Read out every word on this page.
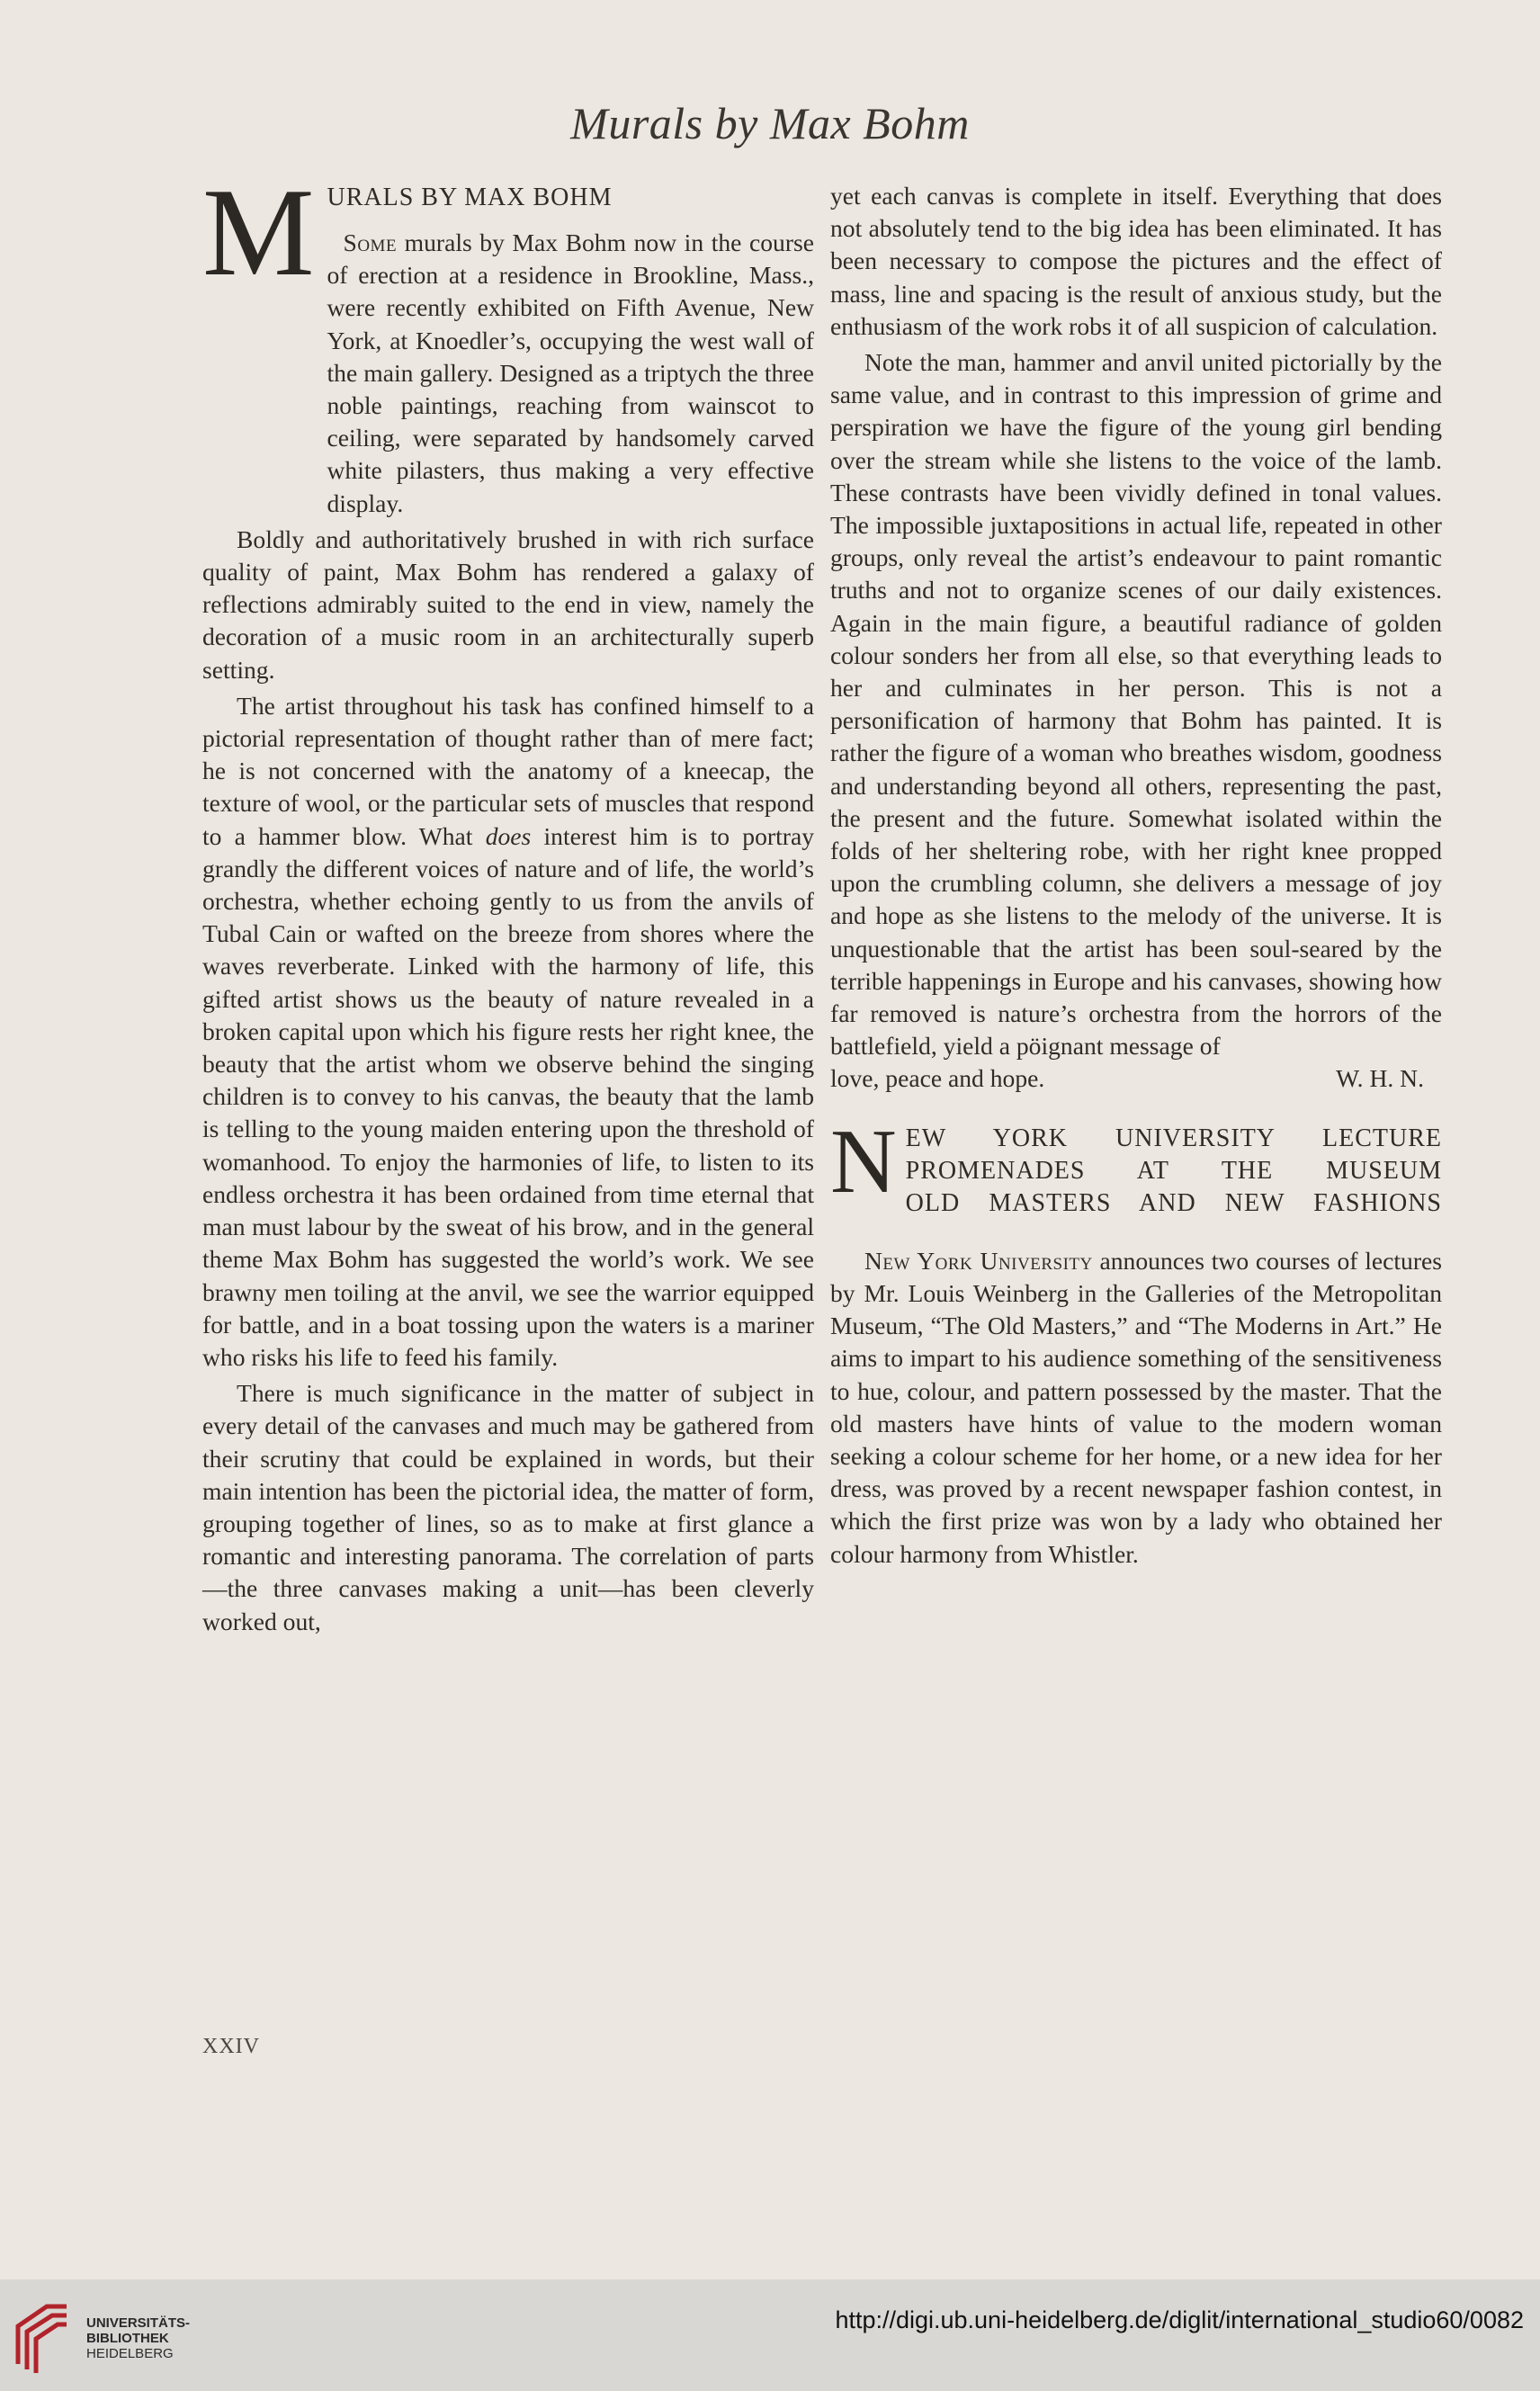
Murals by Max Bohm
M URALS BY MAX BOHM

Some murals by Max Bohm now in the course of erection at a residence in Brookline, Mass., were recently exhibited on Fifth Avenue, New York, at Knoedler’s, occupying the west wall of the main gallery. Designed as a triptych the three noble paintings, reaching from wainscot to ceiling, were separated by handsomely carved white pilasters, thus making a very effective display.

Boldly and authoritatively brushed in with rich surface quality of paint, Max Bohm has rendered a galaxy of reflections admirably suited to the end in view, namely the decoration of a music room in an architecturally superb setting.

The artist throughout his task has confined himself to a pictorial representation of thought rather than of mere fact; he is not concerned with the anatomy of a kneecap, the texture of wool, or the particular sets of muscles that respond to a hammer blow. What does interest him is to portray grandly the different voices of nature and of life, the world’s orchestra, whether echoing gently to us from the anvils of Tubal Cain or wafted on the breeze from shores where the waves reverberate. Linked with the harmony of life, this gifted artist shows us the beauty of nature revealed in a broken capital upon which his figure rests her right knee, the beauty that the artist whom we observe behind the singing children is to convey to his canvas, the beauty that the lamb is telling to the young maiden entering upon the threshold of womanhood. To enjoy the harmonies of life, to listen to its endless orchestra it has been ordained from time eternal that man must labour by the sweat of his brow, and in the general theme Max Bohm has suggested the world’s work. We see brawny men toiling at the anvil, we see the warrior equipped for battle, and in a boat tossing upon the waters is a mariner who risks his life to feed his family.

There is much significance in the matter of subject in every detail of the canvases and much may be gathered from their scrutiny that could be explained in words, but their main intention has been the pictorial idea, the matter of form, grouping together of lines, so as to make at first glance a romantic and interesting panorama. The correlation of parts—the three canvases making a unit—has been cleverly worked out,

yet each canvas is complete in itself. Everything that does not absolutely tend to the big idea has been eliminated. It has been necessary to compose the pictures and the effect of mass, line and spacing is the result of anxious study, but the enthusiasm of the work robs it of all suspicion of calculation.

Note the man, hammer and anvil united pictorially by the same value, and in contrast to this impression of grime and perspiration we have the figure of the young girl bending over the stream while she listens to the voice of the lamb. These contrasts have been vividly defined in tonal values. The impossible juxtapositions in actual life, repeated in other groups, only reveal the artist’s endeavour to paint romantic truths and not to organize scenes of our daily existences. Again in the main figure, a beautiful radiance of golden colour sonders her from all else, so that everything leads to her and culminates in her person. This is not a personification of harmony that Bohm has painted. It is rather the figure of a woman who breathes wisdom, goodness and understanding beyond all others, representing the past, the present and the future. Somewhat isolated within the folds of her sheltering robe, with her right knee propped upon the crumbling column, she delivers a message of joy and hope as she listens to the melody of the universe. It is unquestionable that the artist has been soul-seared by the terrible happenings in Europe and his canvases, showing how far removed is nature’s orchestra from the horrors of the battlefield, yield a pöignant message of

love, peace and hope.	W. H. N.
N EW YORK UNIVERSITY LECTURE
PROMENADES AT THE MUSEUM
OLD MASTERS AND NEW FASHIONS

New York University announces two courses of lectures by Mr. Louis Weinberg in the Galleries of the Metropolitan Museum, “The Old Masters,” and “The Moderns in Art.” He aims to impart to his audience something of the sensitiveness to hue, colour, and pattern possessed by the master. That the old masters have hints of value to the modern woman seeking a colour scheme for her home, or a new idea for her dress, was proved by a recent newspaper fashion contest, in which the first prize was won by a lady who obtained her colour harmony from Whistler.

XXIV
UNIVERSITÄTS-
BIBLIOTHEK
HEIDELBERG
http://digi.ub.uni-heidelberg.de/diglit/international_studio60/0082
